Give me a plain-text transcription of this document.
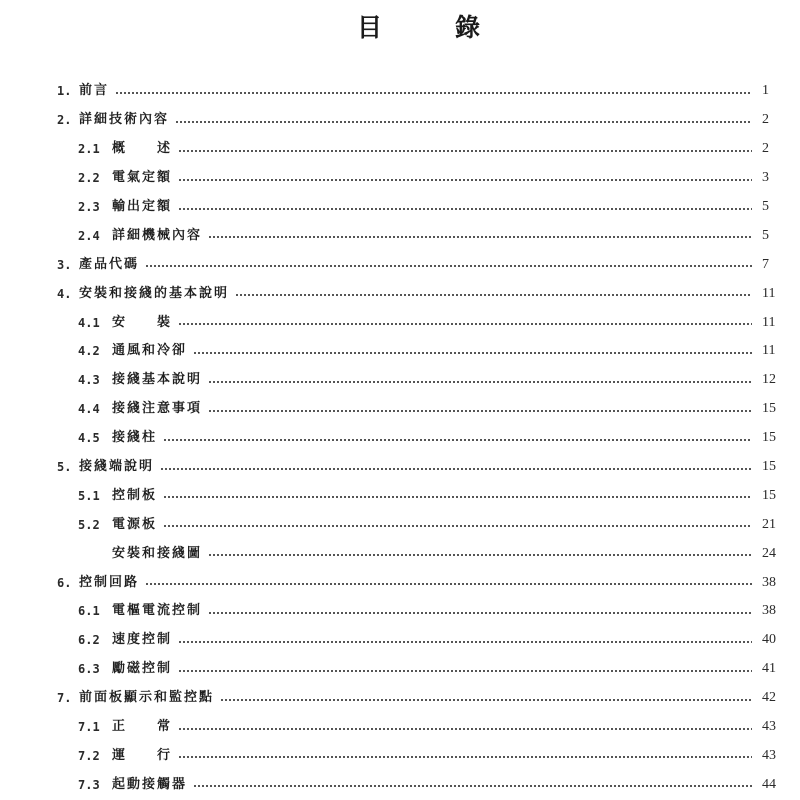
目	錄
1. 前言	1
2. 詳細技術內容	2
2.1 概　　述	2
2.2 電氣定額	3
2.3 輸出定額	5
2.4 詳細機械內容	5
3. 產品代碼	7
4. 安裝和接綫的基本說明	11
4.1 安　　裝	11
4.2 通風和冷卻	11
4.3 接綫基本說明	12
4.4 接綫注意事項	15
4.5 接綫柱	15
5. 接綫端說明	15
5.1 控制板	15
5.2 電源板	21
安裝和接綫圖	24
6. 控制回路	38
6.1 電樞電流控制	38
6.2 速度控制	40
6.3 勵磁控制	41
7. 前面板顯示和監控點	42
7.1 正　　常	43
7.2 運　　行	43
7.3 起動接觸器	44
